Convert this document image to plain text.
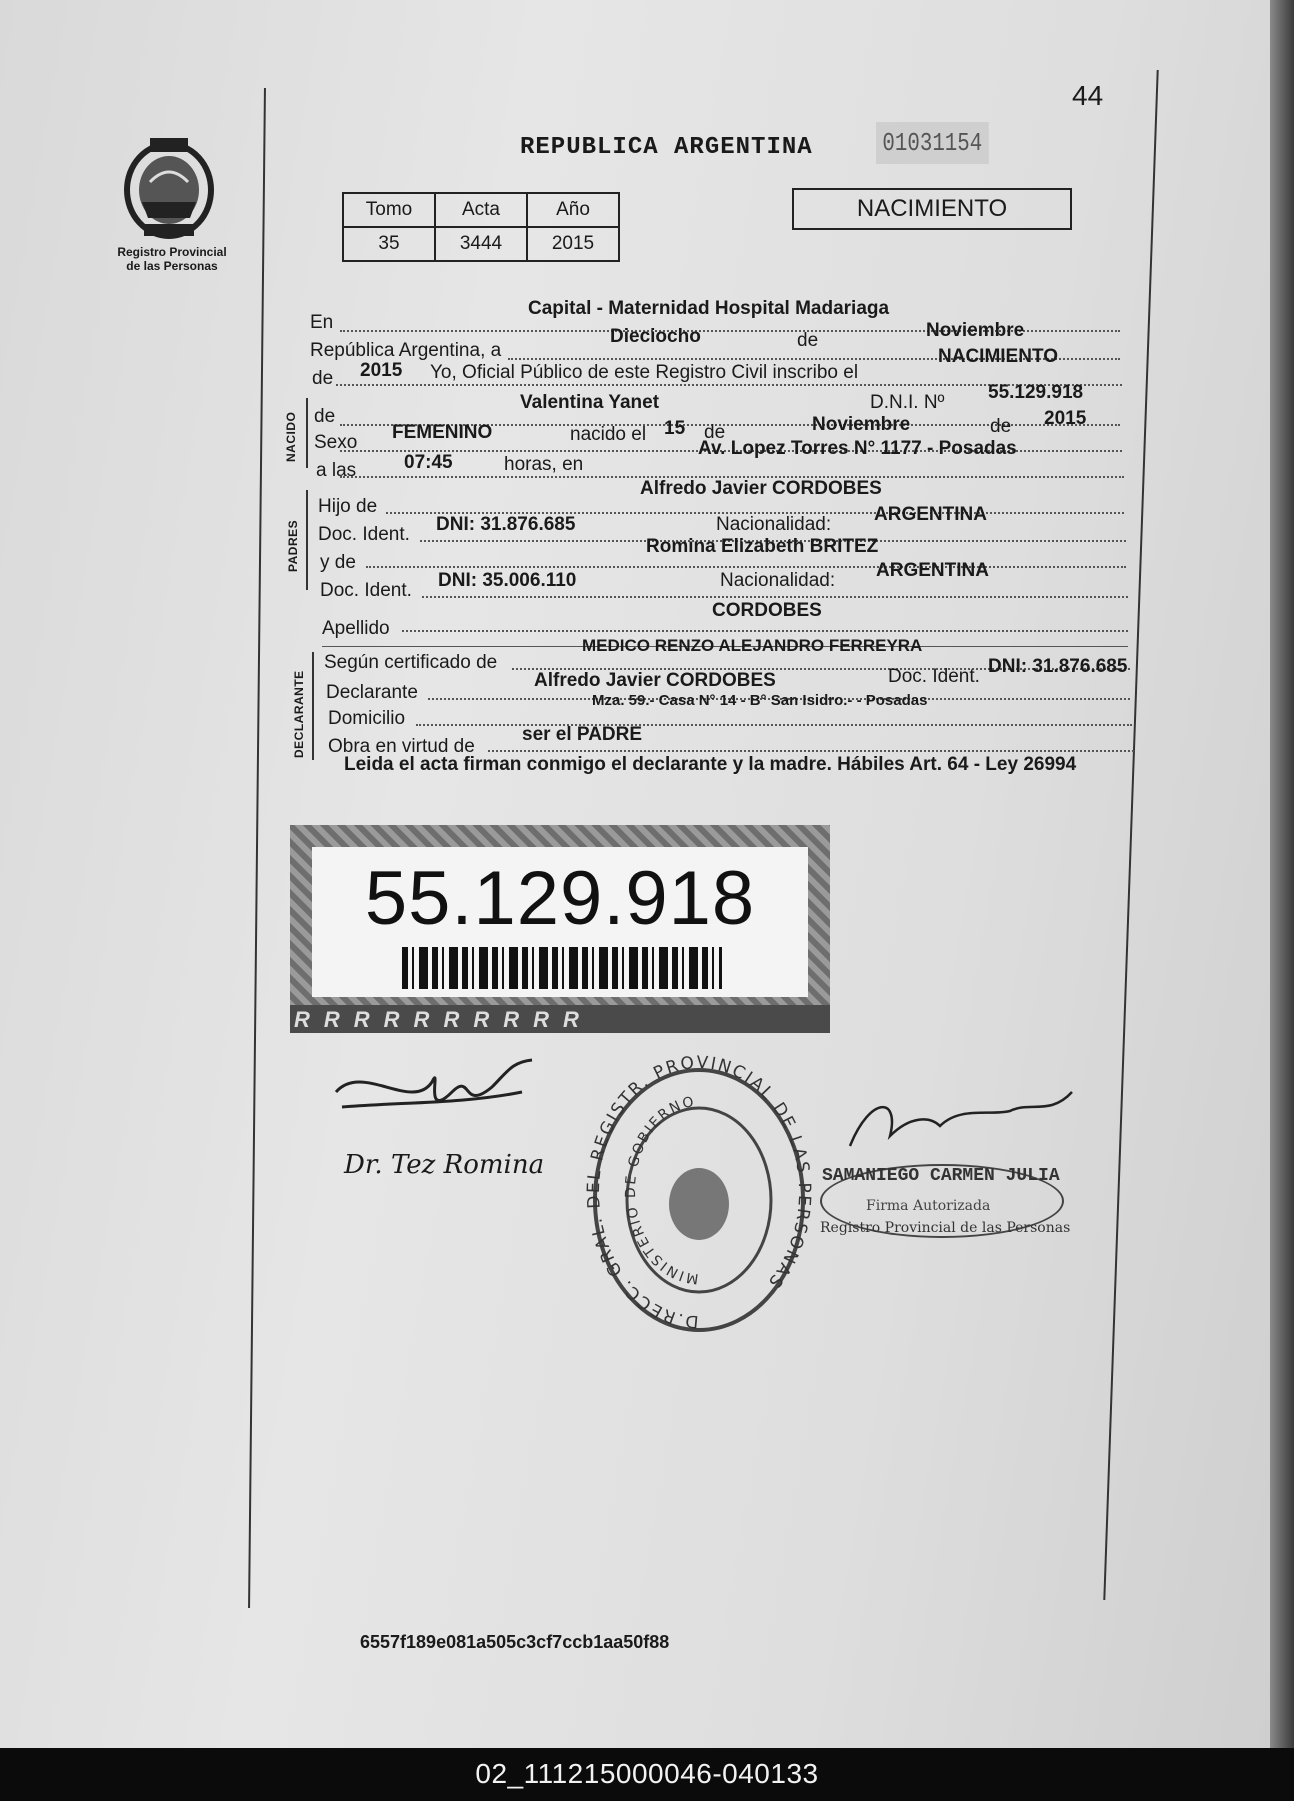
44
Registro Provincial
de las Personas
REPUBLICA ARGENTINA	01031154
Tomo	Acta	Año
35	3444	2015
NACIMIENTO
En
Capital - Maternidad Hospital Madariaga
República Argentina, a
Dieciocho	de	Noviembre
de 2015 Yo, Oficial Público de este Registro Civil inscribo el
NACIMIENTO
NACIDO de
Valentina Yanet	D.N.I. Nº 55.129.918
Sexo FEMENINO	nacido el 15 de	Noviembre	de 2015
a las	07:45	horas, en
Av. Lopez Torres N° 1177 - Posadas
PADRES
Hijo de
Alfredo Javier CORDOBES
Doc. Ident. DNI: 31.876.685	Nacionalidad: ARGENTINA
y de
Romina Elizabeth BRITEZ
Doc. Ident. DNI: 35.006.110	Nacionalidad: ARGENTINA
Apellido
CORDOBES
DECLARANTE
Según certificado de
MEDICO RENZO ALEJANDRO FERREYRA
Declarante
Alfredo Javier CORDOBES	Doc. Ident. DNI: 31.876.685
Domicilio
Mza. 59.- Casa N° 14 - B° San Isidro.- - Posadas
Obra en virtud de
ser el PADRE
Leida el acta firman conmigo el declarante y la madre. Hábiles Art. 64 - Ley 26994
55.129.918
RRRRRRRRRR
Dr. Tez Romina
D.RECC. GRAL. DEL REGISTR. PROVINCIAL DE LAS PERSONAS
MINISTERIO DE GOBIERNO
SAMANIEGO CARMEN JULIA
Firma Autorizada
Registro Provincial de las Personas
6557f189e081a505c3cf7ccb1aa50f88
02_111215000046-040133
